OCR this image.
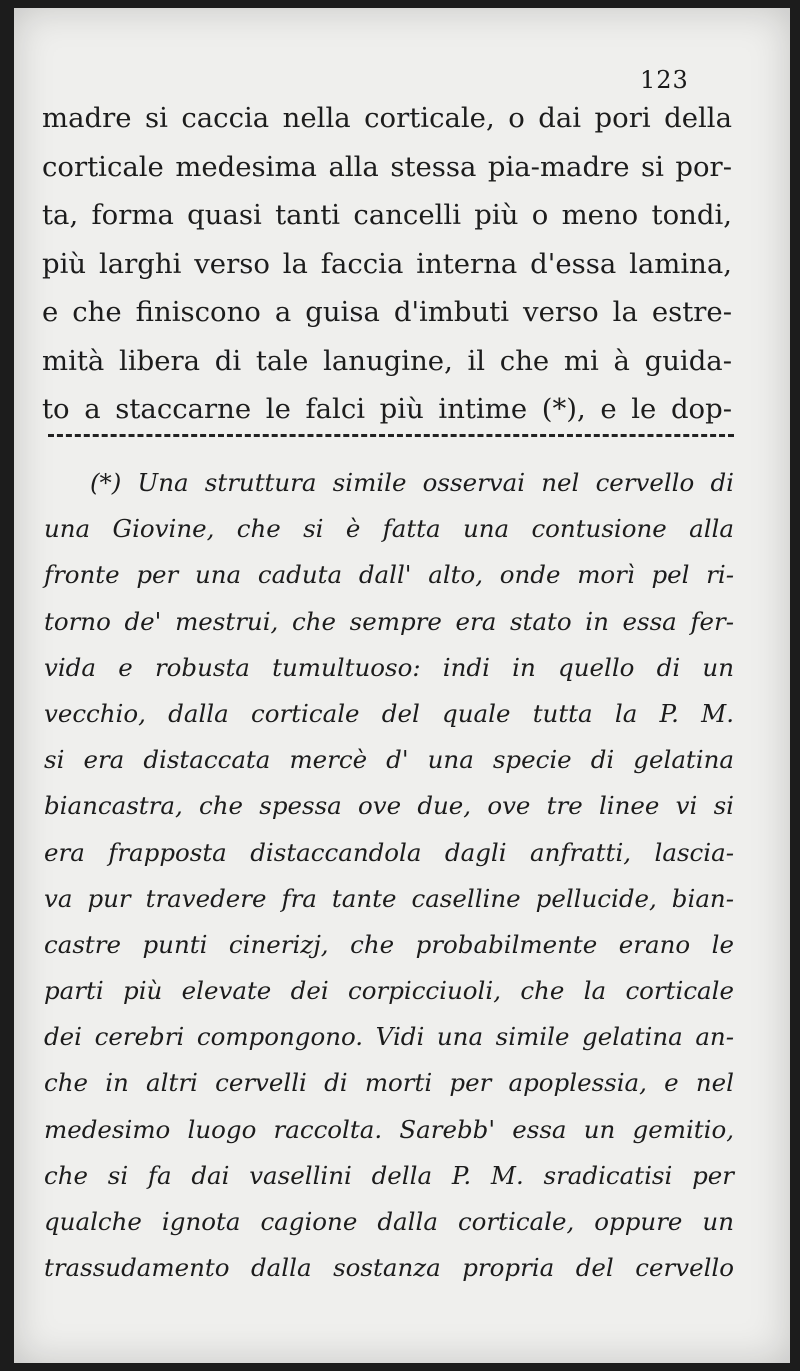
123
madre si caccia nella corticale, o dai pori della
corticale medesima alla stessa pia-madre si por-
ta, forma quasi tanti cancelli più o meno tondi,
più larghi verso la faccia interna d'essa lamina,
e che finiscono a guisa d'imbuti verso la estre-
mità libera di tale lanugine, il che mi à guida-
to a staccarne le falci più intime (*), e le dop-
(*) Una struttura simile osservai nel cervello di
una Giovine, che si è fatta una contusione alla
fronte per una caduta dall' alto, onde morì pel ri-
torno de' mestrui, che sempre era stato in essa fer-
vida e robusta tumultuoso: indi in quello di un
vecchio, dalla corticale del quale tutta la P. M.
si era distaccata mercè d' una specie di gelatina
biancastra, che spessa ove due, ove tre linee vi si
era frapposta distaccandola dagli anfratti, lascia-
va pur travedere fra tante caselline pellucide, bian-
castre punti cinerizj, che probabilmente erano le
parti più elevate dei corpicciuoli, che la corticale
dei cerebri compongono. Vidi una simile gelatina an-
che in altri cervelli di morti per apoplessia, e nel
medesimo luogo raccolta. Sarebb' essa un gemitio,
che si fa dai vasellini della P. M. sradicatisi per
qualche ignota cagione dalla corticale, oppure un
trassudamento dalla sostanza propria del cervello
